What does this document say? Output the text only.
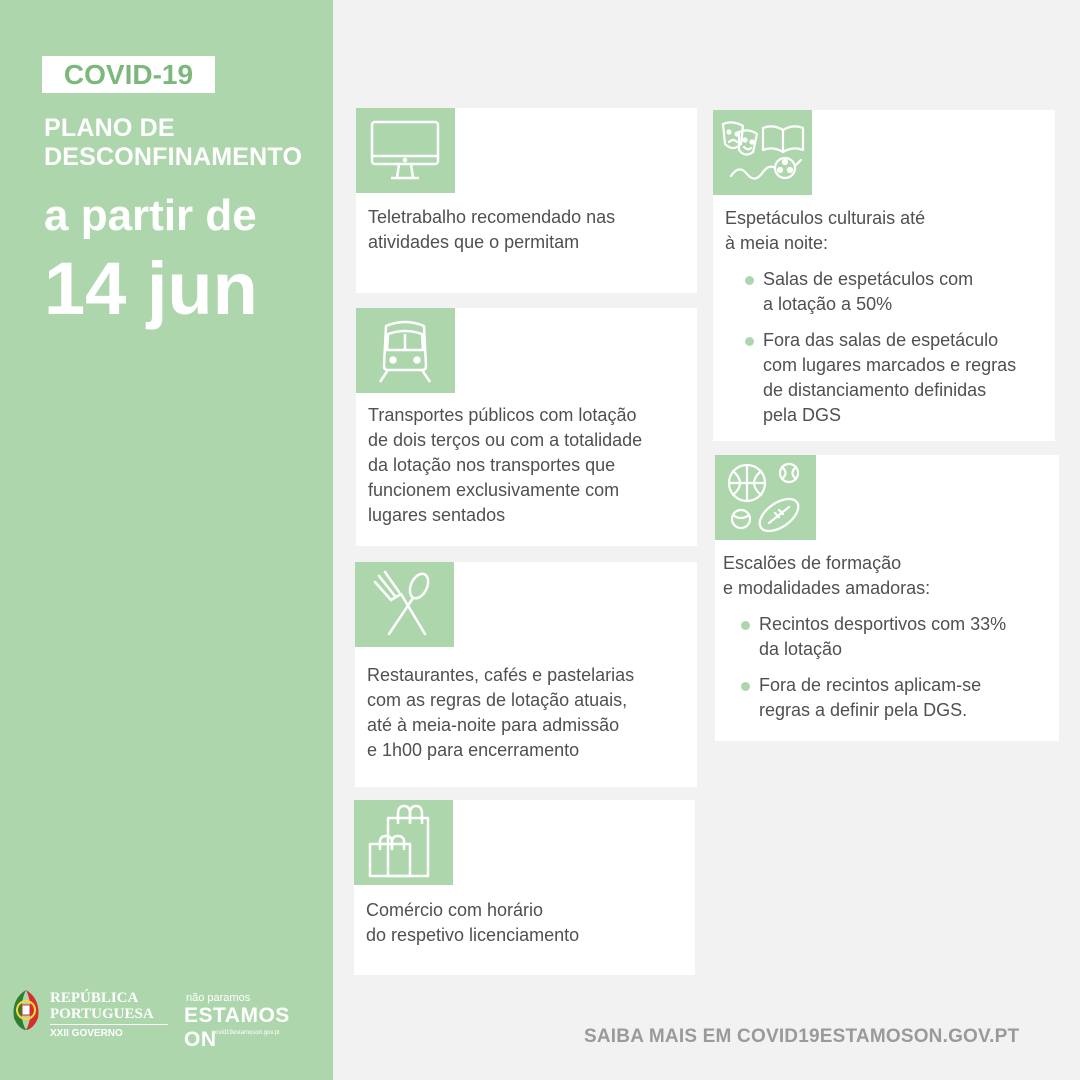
COVID-19
PLANO DE
DESCONFINAMENTO
a partir de
14 jun
REPÚBLICA
PORTUGUESA
XXII GOVERNO
não paramos
ESTAMOS ON
covid19estamoson.gov.pt
Teletrabalho recomendado nas
atividades que o permitam
Transportes públicos com lotação
de dois terços ou com a totalidade
da lotação nos transportes que
funcionem exclusivamente com
lugares sentados
Restaurantes, cafés e pastelarias
com as regras de lotação atuais,
até à meia-noite para admissão
e 1h00 para encerramento
Comércio com horário
do respetivo licenciamento
Espetáculos culturais até
à meia noite:
Salas de espetáculos com
a lotação a 50%
Fora das salas de espetáculo
com lugares marcados e regras
de distanciamento definidas
pela DGS
Escalões de formação
e modalidades amadoras:
Recintos desportivos com 33%
da lotação
Fora de recintos aplicam-se
regras a definir pela DGS.
SAIBA MAIS EM COVID19ESTAMOSON.GOV.PT
